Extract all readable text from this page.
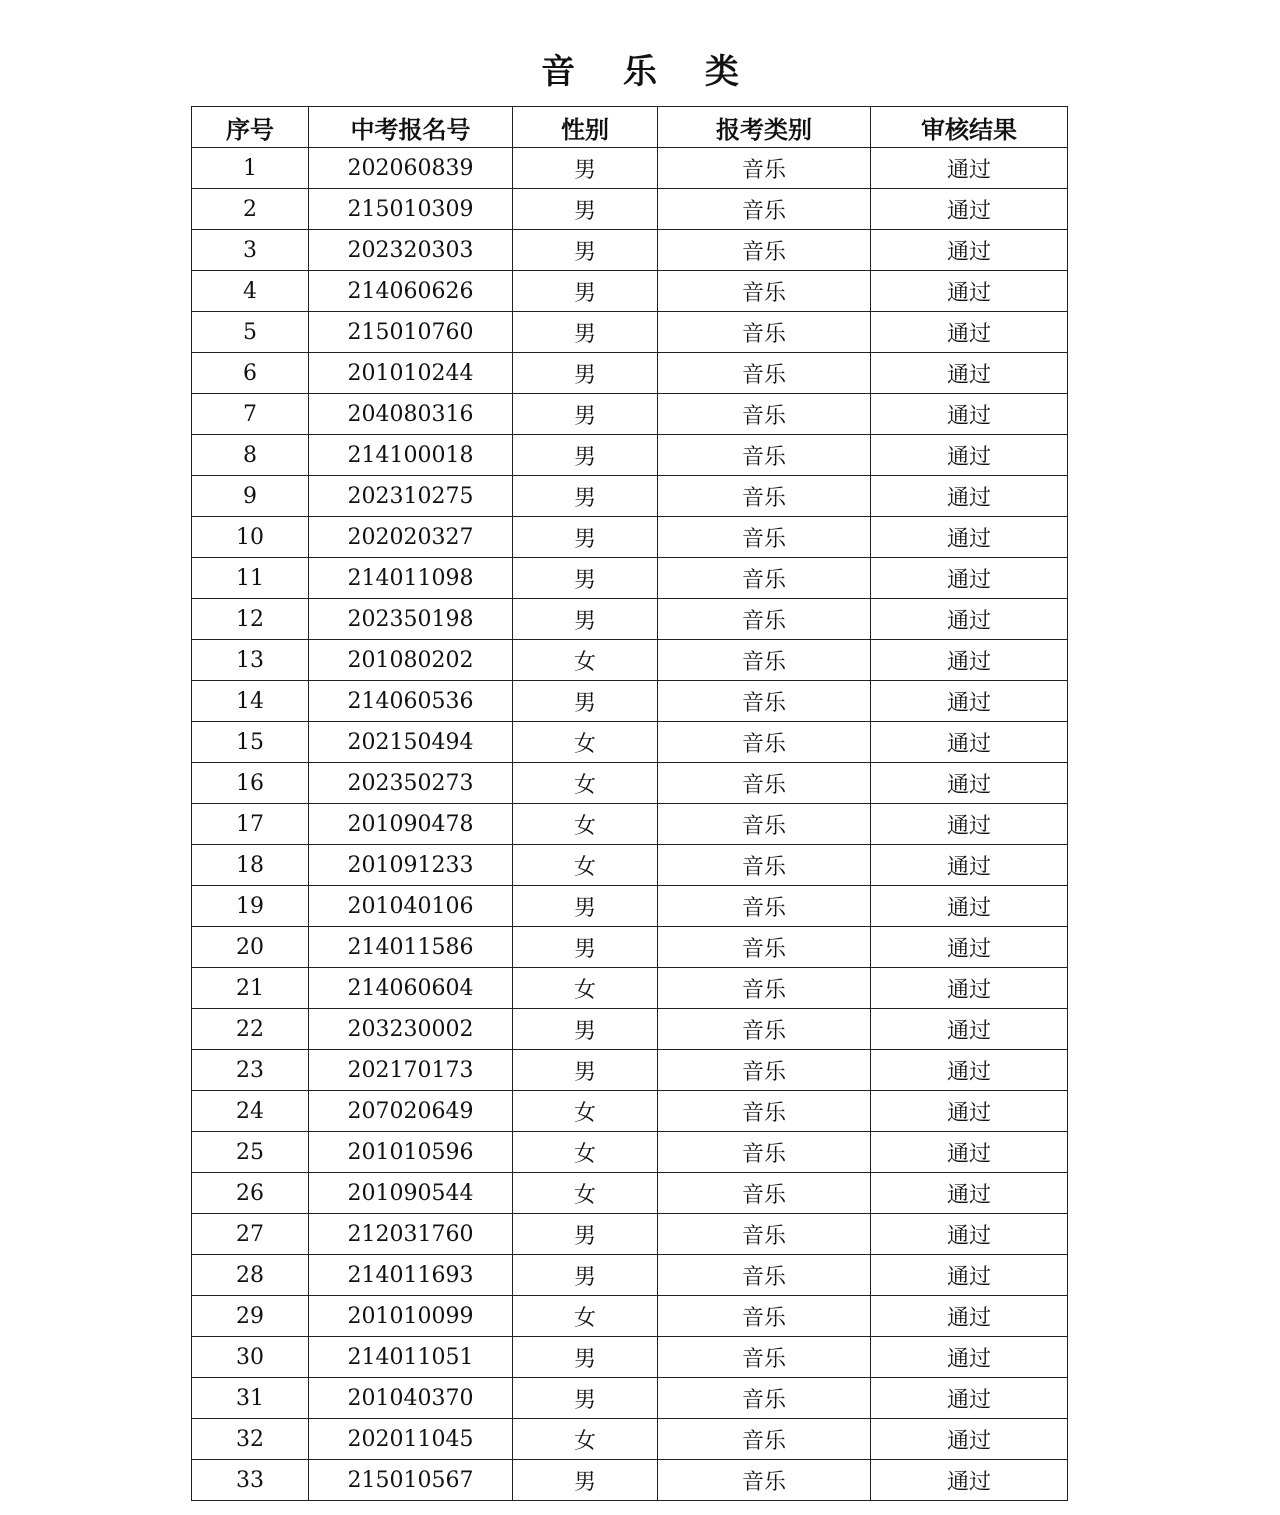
音 乐 类
序号	中考报名号	性别	报考类别	审核结果
1	202060839	男	音乐	通过
2	215010309	男	音乐	通过
3	202320303	男	音乐	通过
4	214060626	男	音乐	通过
5	215010760	男	音乐	通过
6	201010244	男	音乐	通过
7	204080316	男	音乐	通过
8	214100018	男	音乐	通过
9	202310275	男	音乐	通过
10	202020327	男	音乐	通过
11	214011098	男	音乐	通过
12	202350198	男	音乐	通过
13	201080202	女	音乐	通过
14	214060536	男	音乐	通过
15	202150494	女	音乐	通过
16	202350273	女	音乐	通过
17	201090478	女	音乐	通过
18	201091233	女	音乐	通过
19	201040106	男	音乐	通过
20	214011586	男	音乐	通过
21	214060604	女	音乐	通过
22	203230002	男	音乐	通过
23	202170173	男	音乐	通过
24	207020649	女	音乐	通过
25	201010596	女	音乐	通过
26	201090544	女	音乐	通过
27	212031760	男	音乐	通过
28	214011693	男	音乐	通过
29	201010099	女	音乐	通过
30	214011051	男	音乐	通过
31	201040370	男	音乐	通过
32	202011045	女	音乐	通过
33	215010567	男	音乐	通过
